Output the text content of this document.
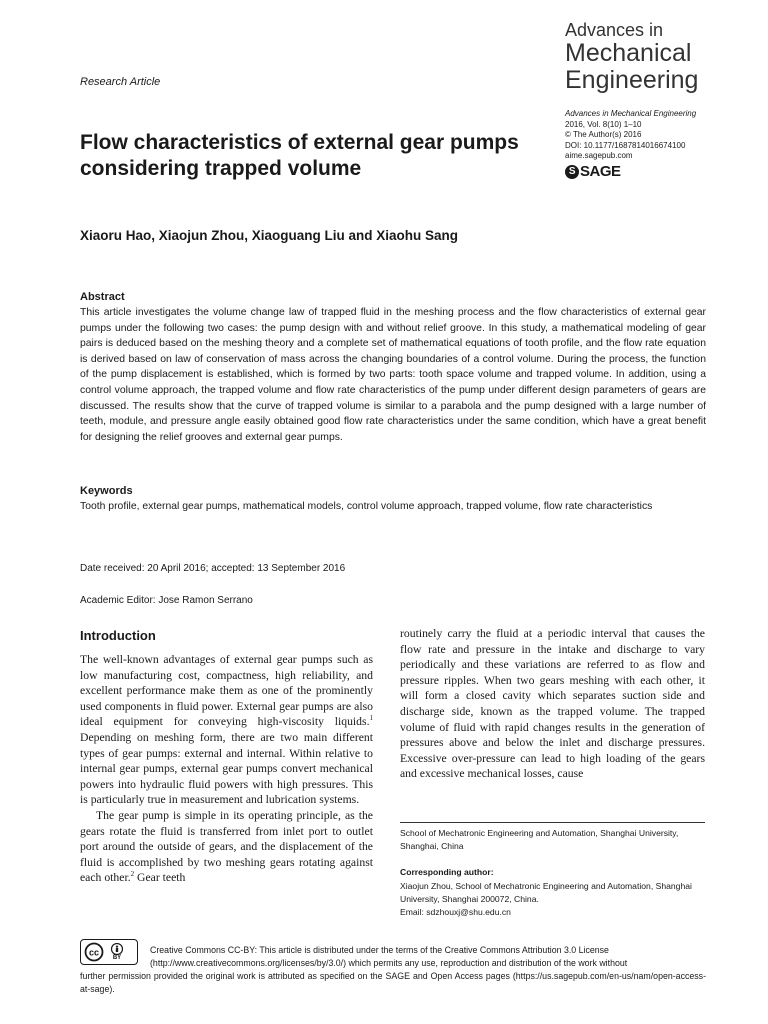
Advances in
Mechanical
Engineering
Research Article
Advances in Mechanical Engineering
2016, Vol. 8(10) 1–10
© The Author(s) 2016
DOI: 10.1177/1687814016674100
aime.sagepub.com
S SAGE
Flow characteristics of external gear pumps considering trapped volume
Xiaoru Hao, Xiaojun Zhou, Xiaoguang Liu and Xiaohu Sang
Abstract
This article investigates the volume change law of trapped fluid in the meshing process and the flow characteristics of external gear pumps under the following two cases: the pump design with and without relief groove. In this study, a mathematical modeling of gear pairs is deduced based on the meshing theory and a complete set of mathematical equations of tooth profile, and the flow rate equation is derived based on law of conservation of mass across the changing boundaries of a control volume. During the process, the function of the pump displacement is established, which is formed by two parts: tooth space volume and trapped volume. In addition, using a control volume approach, the trapped volume and flow rate characteristics of the pump under different design parameters of gears are discussed. The results show that the curve of trapped volume is similar to a parabola and the pump designed with a large number of teeth, module, and pressure angle easily obtained good flow rate characteristics under the same condition, which have a great benefit for designing the relief grooves and external gear pumps.
Keywords
Tooth profile, external gear pumps, mathematical models, control volume approach, trapped volume, flow rate characteristics
Date received: 20 April 2016; accepted: 13 September 2016
Academic Editor: Jose Ramon Serrano
Introduction

The well-known advantages of external gear pumps such as low manufacturing cost, compactness, high reliability, and excellent performance make them as one of the prominently used components in fluid power. External gear pumps are also ideal equipment for conveying high-viscosity liquids.$^1$ Depending on meshing form, there are two main different types of gear pumps: external and internal. Within relative to internal gear pumps, external gear pumps convert mechanical powers into hydraulic fluid powers with high pressures. This is particularly true in measurement and lubrication systems.

The gear pump is simple in its operating principle, as the gears rotate the fluid is transferred from inlet port to outlet port around the outside of gears, and the displacement of the fluid is accomplished by two meshing gears rotating against each other.$^2$ Gear teeth

routinely carry the fluid at a periodic interval that causes the flow rate and pressure in the intake and discharge to vary periodically and these variations are referred to as flow and pressure ripples. When two gears meshing with each other, it will form a closed cavity which separates suction side and discharge side, known as the trapped volume. The trapped volume of fluid with rapid changes results in the generation of pressures above and below the inlet and discharge pressures. Excessive over-pressure can lead to high loading of the gears and excessive mechanical losses, cause

School of Mechatronic Engineering and Automation, Shanghai University, Shanghai, China
Corresponding author:
Xiaojun Zhou, School of Mechatronic Engineering and Automation, Shanghai University, Shanghai 200072, China.
Email: sdzhouxj@shu.edu.cn
cc BY
Creative Commons CC-BY: This article is distributed under the terms of the Creative Commons Attribution 3.0 License (http://www.creativecommons.org/licenses/by/3.0/) which permits any use, reproduction and distribution of the work without
further permission provided the original work is attributed as specified on the SAGE and Open Access pages (https://us.sagepub.com/en-us/nam/open-access-at-sage).
